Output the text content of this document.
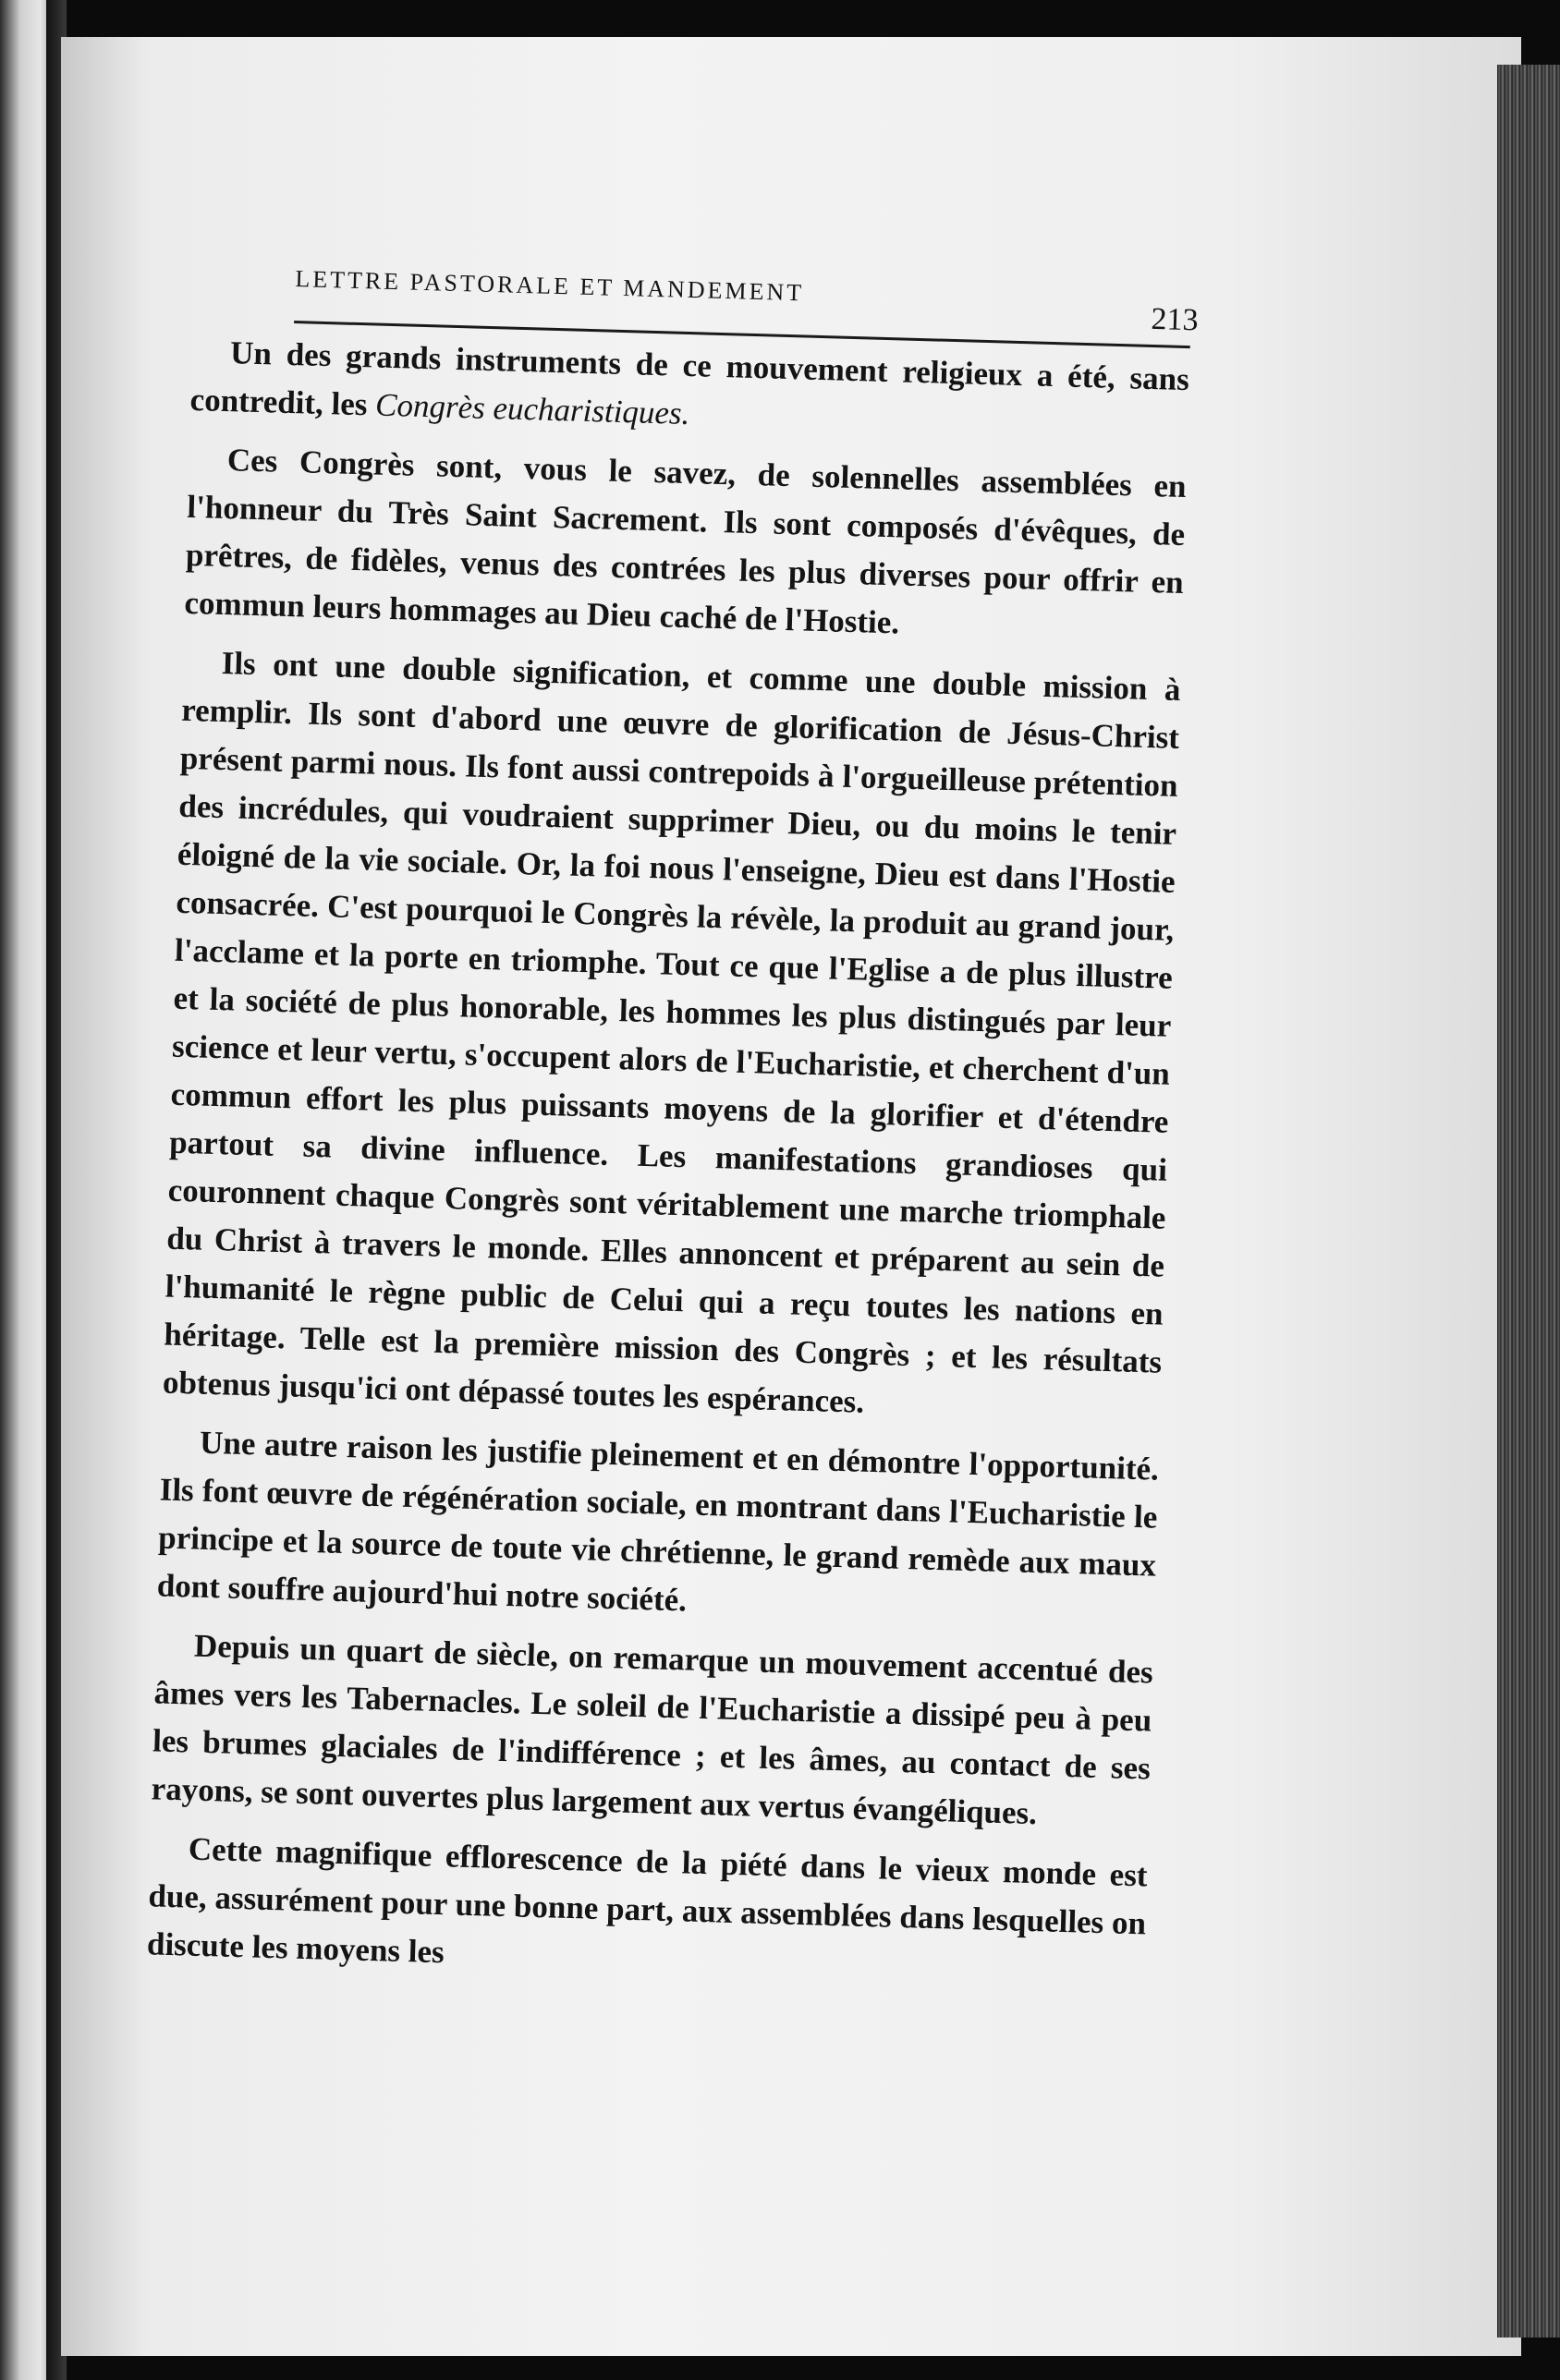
LETTRE PASTORALE ET MANDEMENT
213

Un des grands instruments de ce mouvement religieux a été, sans contredit, les Congrès eucharistiques.

Ces Congrès sont, vous le savez, de solennelles assemblées en l'honneur du Très Saint Sacrement. Ils sont composés d'évêques, de prêtres, de fidèles, venus des contrées les plus diverses pour offrir en commun leurs hommages au Dieu caché de l'Hostie.

Ils ont une double signification, et comme une double mission à remplir. Ils sont d'abord une œuvre de glorification de Jésus-Christ présent parmi nous. Ils font aussi contrepoids à l'orgueilleuse prétention des incrédules, qui voudraient supprimer Dieu, ou du moins le tenir éloigné de la vie sociale. Or, la foi nous l'enseigne, Dieu est dans l'Hostie consacrée. C'est pourquoi le Congrès la révèle, la produit au grand jour, l'acclame et la porte en triomphe. Tout ce que l'Eglise a de plus illustre et la société de plus honorable, les hommes les plus distingués par leur science et leur vertu, s'occupent alors de l'Eucharistie, et cherchent d'un commun effort les plus puissants moyens de la glorifier et d'étendre partout sa divine influence. Les manifestations grandioses qui couronnent chaque Congrès sont véritablement une marche triomphale du Christ à travers le monde. Elles annoncent et préparent au sein de l'humanité le règne public de Celui qui a reçu toutes les nations en héritage. Telle est la première mission des Congrès ; et les résultats obtenus jusqu'ici ont dépassé toutes les espérances.

Une autre raison les justifie pleinement et en démontre l'opportunité. Ils font œuvre de régénération sociale, en montrant dans l'Eucharistie le principe et la source de toute vie chrétienne, le grand remède aux maux dont souffre aujourd'hui notre société.

Depuis un quart de siècle, on remarque un mouvement accentué des âmes vers les Tabernacles. Le soleil de l'Eucharistie a dissipé peu à peu les brumes glaciales de l'indifférence ; et les âmes, au contact de ses rayons, se sont ouvertes plus largement aux vertus évangéliques.

Cette magnifique efflorescence de la piété dans le vieux monde est due, assurément pour une bonne part, aux assemblées dans lesquelles on discute les moyens les
